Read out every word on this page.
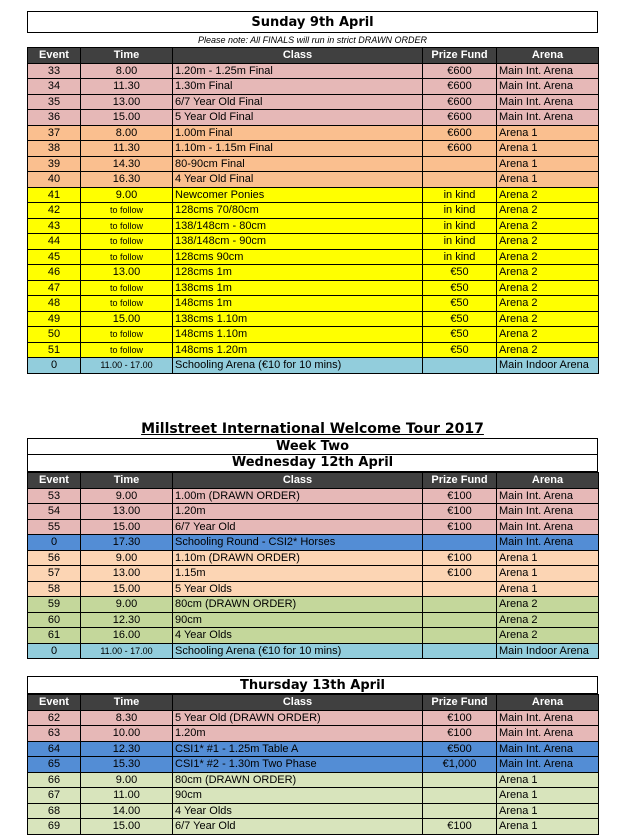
Sunday 9th April
Please note: All FINALS will run in strict DRAWN ORDER
Event	Time	Class	Prize Fund	Arena
33	8.00	1.20m - 1.25m Final	€600	Main Int. Arena
34	11.30	1.30m Final	€600	Main Int. Arena
35	13.00	6/7 Year Old Final	€600	Main Int. Arena
36	15.00	5 Year Old Final	€600	Main Int. Arena
37	8.00	1.00m Final	€600	Arena 1
38	11.30	1.10m - 1.15m Final	€600	Arena 1
39	14.30	80-90cm Final		Arena 1
40	16.30	4 Year Old Final		Arena 1
41	9.00	Newcomer Ponies	in kind	Arena 2
42	to follow	128cms 70/80cm	in kind	Arena 2
43	to follow	138/148cm - 80cm	in kind	Arena 2
44	to follow	138/148cm - 90cm	in kind	Arena 2
45	to follow	128cms 90cm	in kind	Arena 2
46	13.00	128cms 1m	€50	Arena 2
47	to follow	138cms 1m	€50	Arena 2
48	to follow	148cms 1m	€50	Arena 2
49	15.00	138cms 1.10m	€50	Arena 2
50	to follow	148cms 1.10m	€50	Arena 2
51	to follow	148cms 1.20m	€50	Arena 2
0	11.00 - 17.00	Schooling Arena (€10 for 10 mins)		Main Indoor Arena
Millstreet International Welcome Tour 2017
Week Two
Wednesday 12th April
Event	Time	Class	Prize Fund	Arena
53	9.00	1.00m (DRAWN ORDER)	€100	Main Int. Arena
54	13.00	1.20m	€100	Main Int. Arena
55	15.00	6/7 Year Old	€100	Main Int. Arena
0	17.30	Schooling Round - CSI2* Horses		Main Int. Arena
56	9.00	1.10m (DRAWN ORDER)	€100	Arena 1
57	13.00	1.15m	€100	Arena 1
58	15.00	5 Year Olds		Arena 1
59	9.00	80cm (DRAWN ORDER)		Arena 2
60	12.30	90cm		Arena 2
61	16.00	4 Year Olds		Arena 2
0	11.00 - 17.00	Schooling Arena (€10 for 10 mins)		Main Indoor Arena
Thursday 13th April
Event	Time	Class	Prize Fund	Arena
62	8.30	5 Year Old (DRAWN ORDER)	€100	Main Int. Arena
63	10.00	1.20m	€100	Main Int. Arena
64	12.30	CSI1* #1 - 1.25m Table A	€500	Main Int. Arena
65	15.30	CSI1* #2 - 1.30m Two Phase	€1,000	Main Int. Arena
66	9.00	80cm (DRAWN ORDER)		Arena 1
67	11.00	90cm		Arena 1
68	14.00	4 Year Olds		Arena 1
69	15.00	6/7 Year Old	€100	Arena 1
